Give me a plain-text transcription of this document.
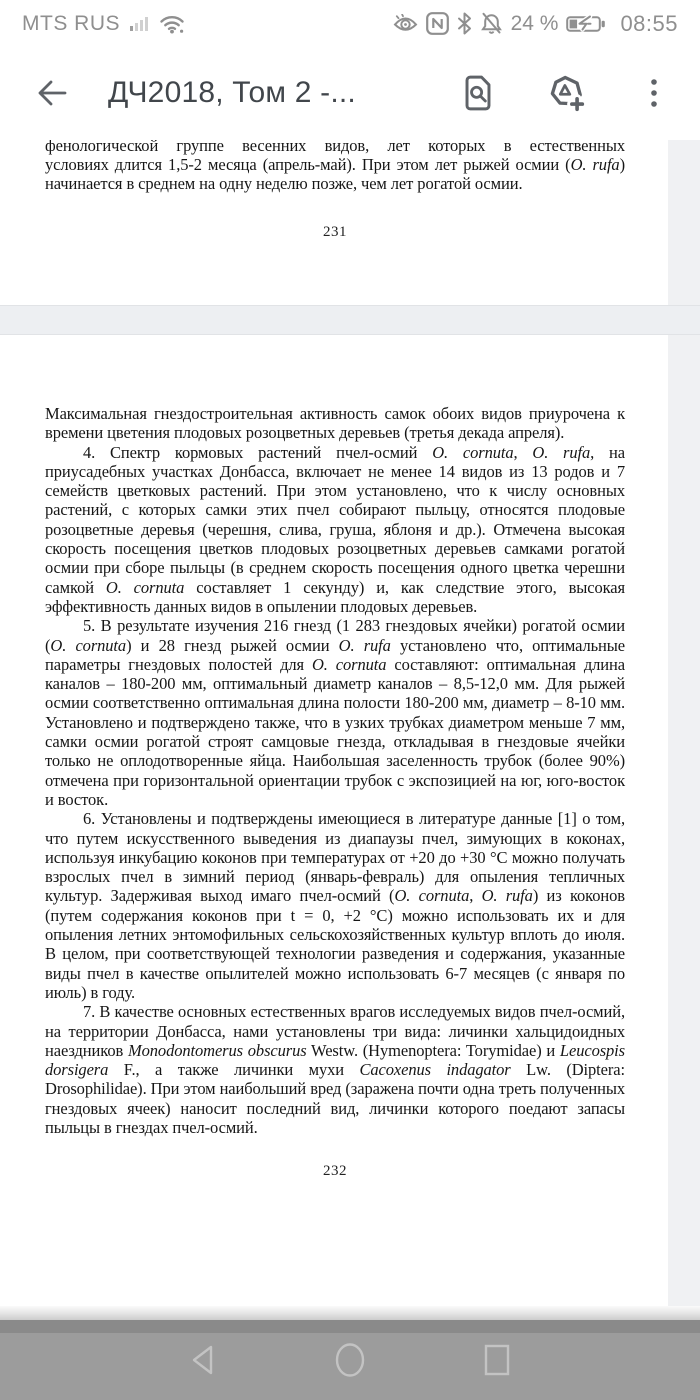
MTS RUS	24 %	08:55
ДЧ2018, Том 2 -...
фенологической группе весенних видов, лет которых в естественных

условиях длится 1,5-2 месяца (апрель-май). При этом лет рыжей осмии (O. rufa) начинается в среднем на одну неделю позже, чем лет рогатой осмии.

231

Максимальная гнездостроительная активность самок обоих видов приурочена к времени цветения плодовых розоцветных деревьев (третья декада апреля).

4. Спектр кормовых растений пчел-осмий O. cornuta, O. rufa, на приусадебных участках Донбасса, включает не менее 14 видов из 13 родов и 7 семейств цветковых растений. При этом установлено, что к числу основных растений, с которых самки этих пчел собирают пыльцу, относятся плодовые розоцветные деревья (черешня, слива, груша, яблоня и др.). Отмечена высокая скорость посещения цветков плодовых розоцветных деревьев самками рогатой осмии при сборе пыльцы (в среднем скорость посещения одного цветка черешни самкой O. cornuta составляет 1 секунду) и, как следствие этого, высокая эффективность данных видов в опылении плодовых деревьев.

5. В результате изучения 216 гнезд (1 283 гнездовых ячейки) рогатой осмии (O. cornuta) и 28 гнезд рыжей осмии O. rufa установлено что, оптимальные параметры гнездовых полостей для O. cornuta составляют: оптимальная длина каналов – 180-200 мм, оптимальный диаметр каналов – 8,5-12,0 мм. Для рыжей осмии соответственно оптимальная длина полости 180-200 мм, диаметр – 8-10 мм. Установлено и подтверждено также, что в узких трубках диаметром меньше 7 мм, самки осмии рогатой строят самцовые гнезда, откладывая в гнездовые ячейки только не оплодотворенные яйца. Наибольшая заселенность трубок (более 90%) отмечена при горизонтальной ориентации трубок с экспозицией на юг, юго-восток и восток.

6. Установлены и подтверждены имеющиеся в литературе данные [1] о том, что путем искусственного выведения из диапаузы пчел, зимующих в коконах, используя инкубацию коконов при температурах от +20 до +30 °С можно получать взрослых пчел в зимний период (январь-февраль) для опыления тепличных культур. Задерживая выход имаго пчел-осмий (O. cornuta, O. rufa) из коконов (путем содержания коконов при t = 0, +2 °С) можно использовать их и для опыления летних энтомофильных сельскохозяйственных культур вплоть до июля. В целом, при соответствующей технологии разведения и содержания, указанные виды пчел в качестве опылителей можно использовать 6-7 месяцев (с января по июль) в году.

7. В качестве основных естественных врагов исследуемых видов пчел-осмий, на территории Донбасса, нами установлены три вида: личинки хальцидоидных наездников Monodontomerus obscurus Westw. (Hymenoptera: Torymidae) и Leucospis dorsigera F., а также личинки мухи Cacoxenus indagator Lw. (Diptera: Drosophilidae). При этом наибольший вред (заражена почти одна треть полученных гнездовых ячеек) наносит последний вид, личинки которого поедают запасы пыльцы в гнездах пчел-осмий.

232
